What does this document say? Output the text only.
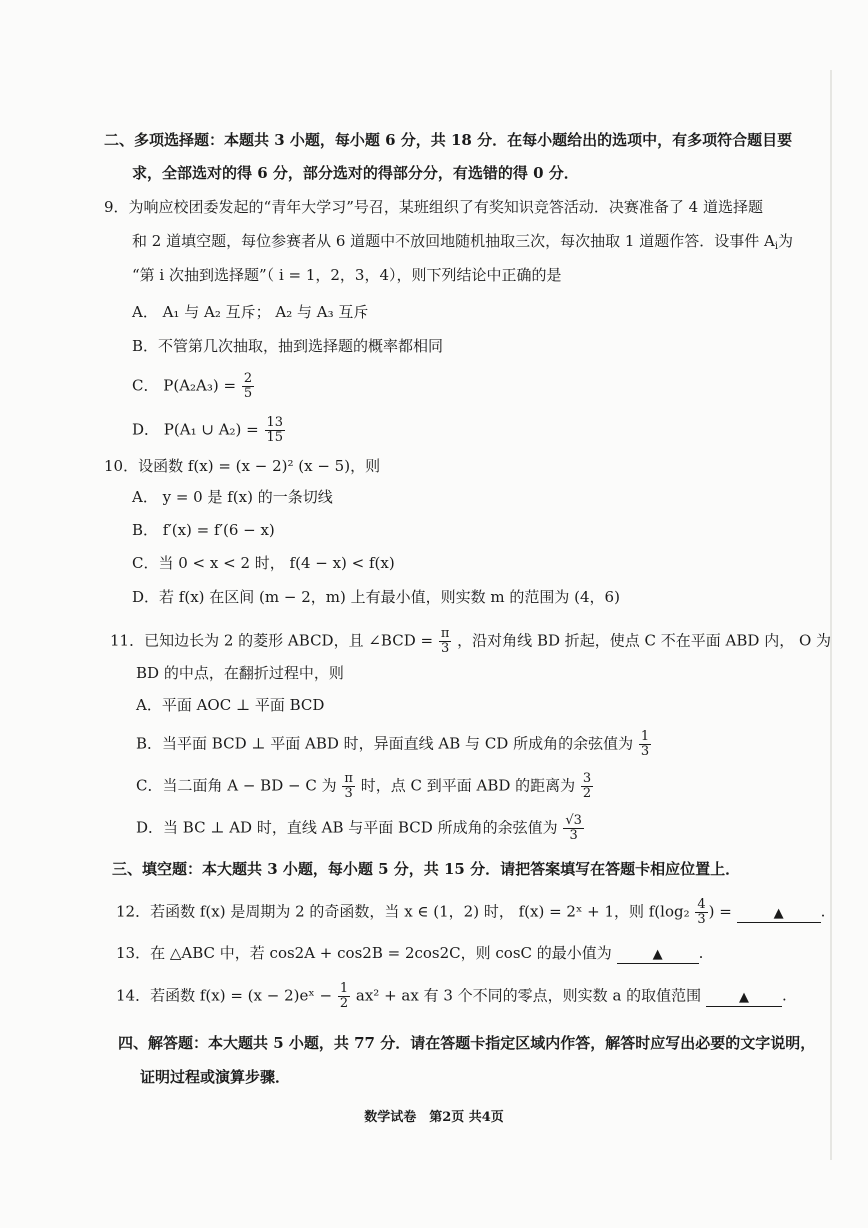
二、多项选择题：本题共 3 小题，每小题 6 分，共 18 分．在每小题给出的选项中，有多项符合题目要
求，全部选对的得 6 分，部分选对的得部分分，有选错的得 0 分．
9．为响应校团委发起的“青年大学习”号召，某班组织了有奖知识竞答活动．决赛准备了 4 道选择题
和 2 道填空题，每位参赛者从 6 道题中不放回地随机抽取三次，每次抽取 1 道题作答．设事件 $A_i$为
“第 i 次抽到选择题”（ i = 1，2，3，4），则下列结论中正确的是
A． A₁ 与 A₂ 互斥； A₂ 与 A₃ 互斥
B．不管第几次抽取，抽到选择题的概率都相同
C． $P(A_2A_3) = \frac{2}{5}$
D． P(A₁ ∪ $A_2) = \frac{13}{15}$
10．设函数 f(x) = (x − 2)² (x − 5)，则
A． y = 0 是 f(x) 的一条切线
B． f′(x) = f′(6 − x)
C．当 0 < x < 2 时， f(4 − x) < f(x)
D．若 f(x) 在区间 (m − 2，m) 上有最小值，则实数 m 的范围为 (4，6)
11．已知边长为 2 的菱形 ABCD，且 ∠BCD = $\frac{\pi}{3}$ ，沿对角线 BD 折起，使点 C 不在平面 ABD 内， O 为
BD 的中点，在翻折过程中，则
A．平面 AOC ⊥ 平面 BCD
B．当平面 BCD ⊥ 平面 ABD 时，异面直线 AB 与 CD 所成角的余弦值为 $\frac{1}{3}$
C．当二面角 A − BD − C 为 $\frac{\pi}{3}$ 时，点 C 到平面 ABD 的距离为 $\frac{3}{2}$
D．当 BC ⊥ AD 时，直线 AB 与平面 BCD 所成角的余弦值为 $\frac{√3}{3}$
三、填空题：本大题共 3 小题，每小题 5 分，共 15 分．请把答案填写在答题卡相应位置上．
12．若函数 f(x) 是周期为 2 的奇函数，当 x ∈ (1，2) 时， f(x) = 2ˣ + 1，则 $f(\log_2 \frac{4}{3}$ ) =	▲ .
13．在 △ABC 中，若 cos2A + cos2B = 2cos2C，则 cosC 的最小值为	▲ .
14．若函数 f(x) = (x − 2)eˣ − $\frac{1}{2} ax^2$ + ax 有 3 个不同的零点，则实数 a 的取值范围	▲ .
四、解答题：本大题共 5 小题，共 77 分．请在答题卡指定区域内作答，解答时应写出必要的文字说明，
证明过程或演算步骤．
数学试卷　第2页 共4页
